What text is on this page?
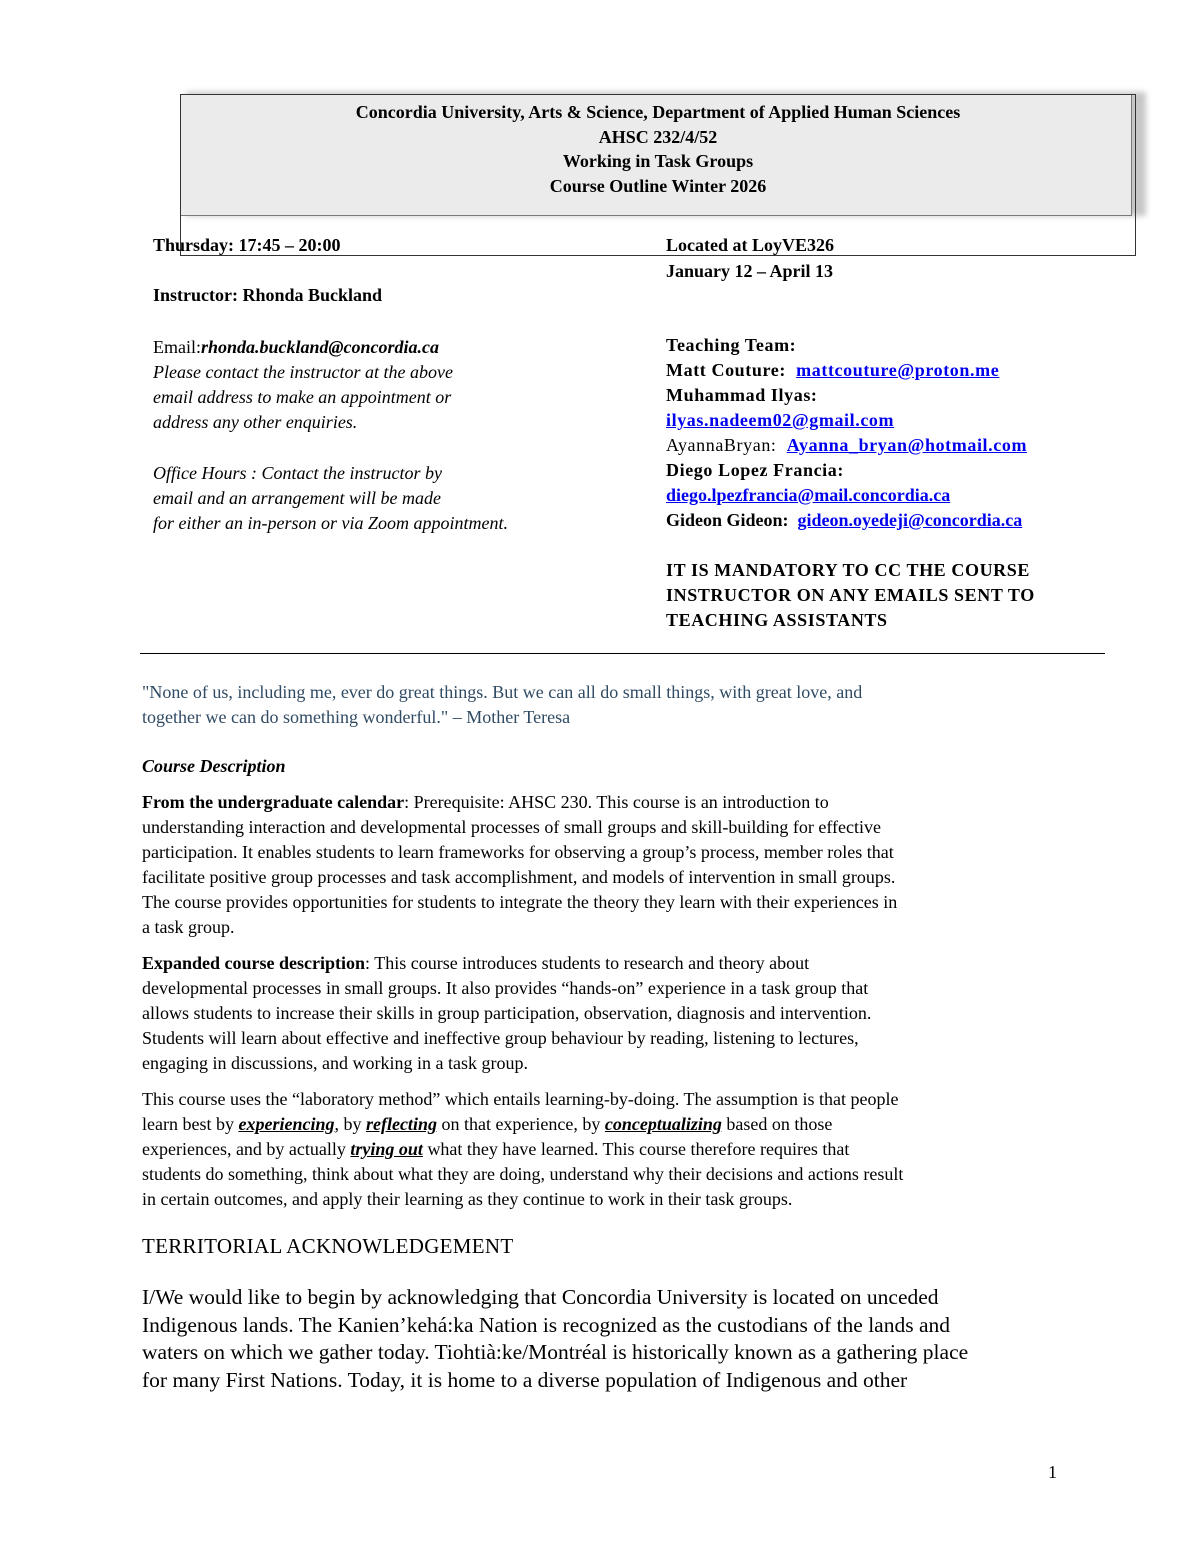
Concordia University, Arts & Science, Department of Applied Human Sciences
AHSC 232/4/52
Working in Task Groups
Course Outline Winter 2026
Thursday: 17:45 – 20:00
Instructor: Rhonda Buckland
Email:rhonda.buckland@concordia.ca
Please contact the instructor at the above
email address to make an appointment or
address any other enquiries.
Office Hours : Contact the instructor by
email and an arrangement will be made
for either an in-person or via Zoom appointment.
Located at LoyVE326
January 12 – April 13
Teaching Team:
Matt Couture: mattcouture@proton.me
Muhammad Ilyas:
ilyas.nadeem02@gmail.com
AyannaBryan: Ayanna_bryan@hotmail.com
Diego Lopez Francia:
diego.lpezfrancia@mail.concordia.ca
Gideon Gideon: gideon.oyedeji@concordia.ca
IT IS MANDATORY TO CC THE COURSE
INSTRUCTOR ON ANY EMAILS SENT TO
TEACHING ASSISTANTS
"None of us, including me, ever do great things. But we can all do small things, with great love, and
together we can do something wonderful." – Mother Teresa
Course Description
From the undergraduate calendar: Prerequisite: AHSC 230. This course is an introduction to
understanding interaction and developmental processes of small groups and skill-building for effective
participation. It enables students to learn frameworks for observing a group’s process, member roles that
facilitate positive group processes and task accomplishment, and models of intervention in small groups.
The course provides opportunities for students to integrate the theory they learn with their experiences in
a task group.
Expanded course description: This course introduces students to research and theory about
developmental processes in small groups. It also provides “hands-on” experience in a task group that
allows students to increase their skills in group participation, observation, diagnosis and intervention.
Students will learn about effective and ineffective group behaviour by reading, listening to lectures,
engaging in discussions, and working in a task group.
This course uses the “laboratory method” which entails learning-by-doing. The assumption is that people
learn best by experiencing, by reflecting on that experience, by conceptualizing based on those
experiences, and by actually trying out what they have learned. This course therefore requires that
students do something, think about what they are doing, understand why their decisions and actions result
in certain outcomes, and apply their learning as they continue to work in their task groups.
TERRITORIAL ACKNOWLEDGEMENT
I/We would like to begin by acknowledging that Concordia University is located on unceded
Indigenous lands. The Kanien’kehá:ka Nation is recognized as the custodians of the lands and
waters on which we gather today. Tiohtià:ke/Montréal is historically known as a gathering place
for many First Nations. Today, it is home to a diverse population of Indigenous and other
1
